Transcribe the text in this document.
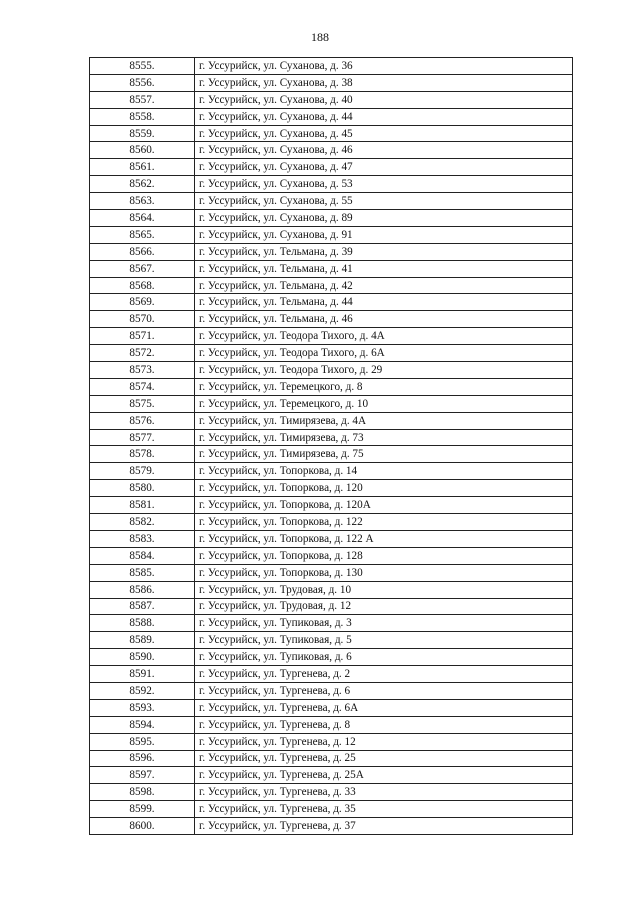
188
8555.	г. Уссурийск, ул. Суханова, д. 36
8556.	г. Уссурийск, ул. Суханова, д. 38
8557.	г. Уссурийск, ул. Суханова, д. 40
8558.	г. Уссурийск, ул. Суханова, д. 44
8559.	г. Уссурийск, ул. Суханова, д. 45
8560.	г. Уссурийск, ул. Суханова, д. 46
8561.	г. Уссурийск, ул. Суханова, д. 47
8562.	г. Уссурийск, ул. Суханова, д. 53
8563.	г. Уссурийск, ул. Суханова, д. 55
8564.	г. Уссурийск, ул. Суханова, д. 89
8565.	г. Уссурийск, ул. Суханова, д. 91
8566.	г. Уссурийск, ул. Тельмана, д. 39
8567.	г. Уссурийск, ул. Тельмана, д. 41
8568.	г. Уссурийск, ул. Тельмана, д. 42
8569.	г. Уссурийск, ул. Тельмана, д. 44
8570.	г. Уссурийск, ул. Тельмана, д. 46
8571.	г. Уссурийск, ул. Теодора Тихого, д. 4А
8572.	г. Уссурийск, ул. Теодора Тихого, д. 6А
8573.	г. Уссурийск, ул. Теодора Тихого, д. 29
8574.	г. Уссурийск, ул. Теремецкого, д. 8
8575.	г. Уссурийск, ул. Теремецкого, д. 10
8576.	г. Уссурийск, ул. Тимирязева, д. 4А
8577.	г. Уссурийск, ул. Тимирязева, д. 73
8578.	г. Уссурийск, ул. Тимирязева, д. 75
8579.	г. Уссурийск, ул. Топоркова, д. 14
8580.	г. Уссурийск, ул. Топоркова, д. 120
8581.	г. Уссурийск, ул. Топоркова, д. 120А
8582.	г. Уссурийск, ул. Топоркова, д. 122
8583.	г. Уссурийск, ул. Топоркова, д. 122 А
8584.	г. Уссурийск, ул. Топоркова, д. 128
8585.	г. Уссурийск, ул. Топоркова, д. 130
8586.	г. Уссурийск, ул. Трудовая, д. 10
8587.	г. Уссурийск, ул. Трудовая, д. 12
8588.	г. Уссурийск, ул. Тупиковая, д. 3
8589.	г. Уссурийск, ул. Тупиковая, д. 5
8590.	г. Уссурийск, ул. Тупиковая, д. 6
8591.	г. Уссурийск, ул. Тургенева, д. 2
8592.	г. Уссурийск, ул. Тургенева, д. 6
8593.	г. Уссурийск, ул. Тургенева, д. 6А
8594.	г. Уссурийск, ул. Тургенева, д. 8
8595.	г. Уссурийск, ул. Тургенева, д. 12
8596.	г. Уссурийск, ул. Тургенева, д. 25
8597.	г. Уссурийск, ул. Тургенева, д. 25А
8598.	г. Уссурийск, ул. Тургенева, д. 33
8599.	г. Уссурийск, ул. Тургенева, д. 35
8600.	г. Уссурийск, ул. Тургенева, д. 37
